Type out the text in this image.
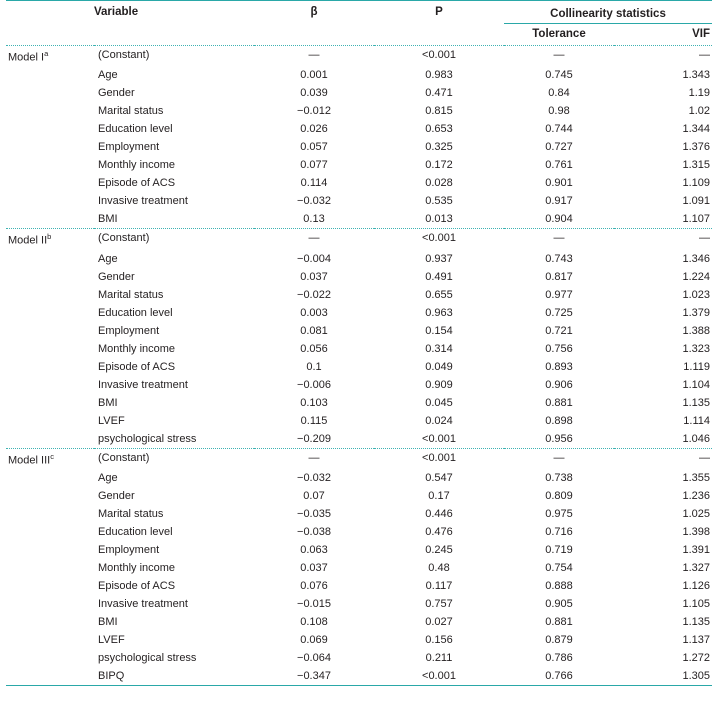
	Variable	β	P	Collinearity statistics	
				Tolerance	VIF
Model $I^a$	(Constant)	—	<0.001	—	—
	Age	0.001	0.983	0.745	1.343
	Gender	0.039	0.471	0.84	1.19
	Marital status	−0.012	0.815	0.98	1.02
	Education level	0.026	0.653	0.744	1.344
	Employment	0.057	0.325	0.727	1.376
	Monthly income	0.077	0.172	0.761	1.315
	Episode of ACS	0.114	0.028	0.901	1.109
	Invasive treatment	−0.032	0.535	0.917	1.091
	BMI	0.13	0.013	0.904	1.107
Model $II^b$	(Constant)	—	<0.001	—	—
	Age	−0.004	0.937	0.743	1.346
	Gender	0.037	0.491	0.817	1.224
	Marital status	−0.022	0.655	0.977	1.023
	Education level	0.003	0.963	0.725	1.379
	Employment	0.081	0.154	0.721	1.388
	Monthly income	0.056	0.314	0.756	1.323
	Episode of ACS	0.1	0.049	0.893	1.119
	Invasive treatment	−0.006	0.909	0.906	1.104
	BMI	0.103	0.045	0.881	1.135
	LVEF	0.115	0.024	0.898	1.114
	psychological stress	−0.209	<0.001	0.956	1.046
Model III$^c$	(Constant)	—	<0.001	—	—
	Age	−0.032	0.547	0.738	1.355
	Gender	0.07	0.17	0.809	1.236
	Marital status	−0.035	0.446	0.975	1.025
	Education level	−0.038	0.476	0.716	1.398
	Employment	0.063	0.245	0.719	1.391
	Monthly income	0.037	0.48	0.754	1.327
	Episode of ACS	0.076	0.117	0.888	1.126
	Invasive treatment	−0.015	0.757	0.905	1.105
	BMI	0.108	0.027	0.881	1.135
	LVEF	0.069	0.156	0.879	1.137
	psychological stress	−0.064	0.211	0.786	1.272
	BIPQ	−0.347	<0.001	0.766	1.305
